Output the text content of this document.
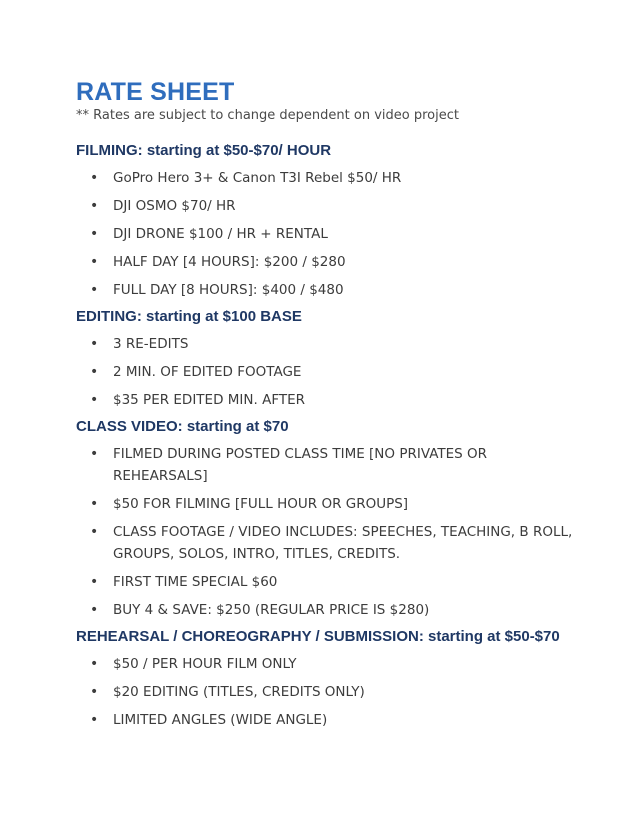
RATE SHEET

** Rates are subject to change dependent on video project

FILMING: starting at $50-$70/ HOUR
• GoPro Hero 3+ & Canon T3I Rebel $50/ HR
• DJI OSMO $70/ HR
• DJI DRONE $100 / HR + RENTAL
• HALF DAY [4 HOURS]: $200 / $280
• FULL DAY [8 HOURS]: $400 / $480
EDITING: starting at $100 BASE
• 3 RE-EDITS
• 2 MIN. OF EDITED FOOTAGE
• $35 PER EDITED MIN. AFTER
CLASS VIDEO: starting at $70
• FILMED DURING POSTED CLASS TIME [NO PRIVATES OR REHEARSALS]
• $50 FOR FILMING [FULL HOUR OR GROUPS]
• CLASS FOOTAGE / VIDEO INCLUDES: SPEECHES, TEACHING, B ROLL, GROUPS, SOLOS, INTRO, TITLES, CREDITS.
• FIRST TIME SPECIAL $60
• BUY 4 & SAVE: $250 (REGULAR PRICE IS $280)
REHEARSAL / CHOREOGRAPHY / SUBMISSION: starting at $50-$70
• $50 / PER HOUR FILM ONLY
• $20 EDITING (TITLES, CREDITS ONLY)
• LIMITED ANGLES (WIDE ANGLE)
